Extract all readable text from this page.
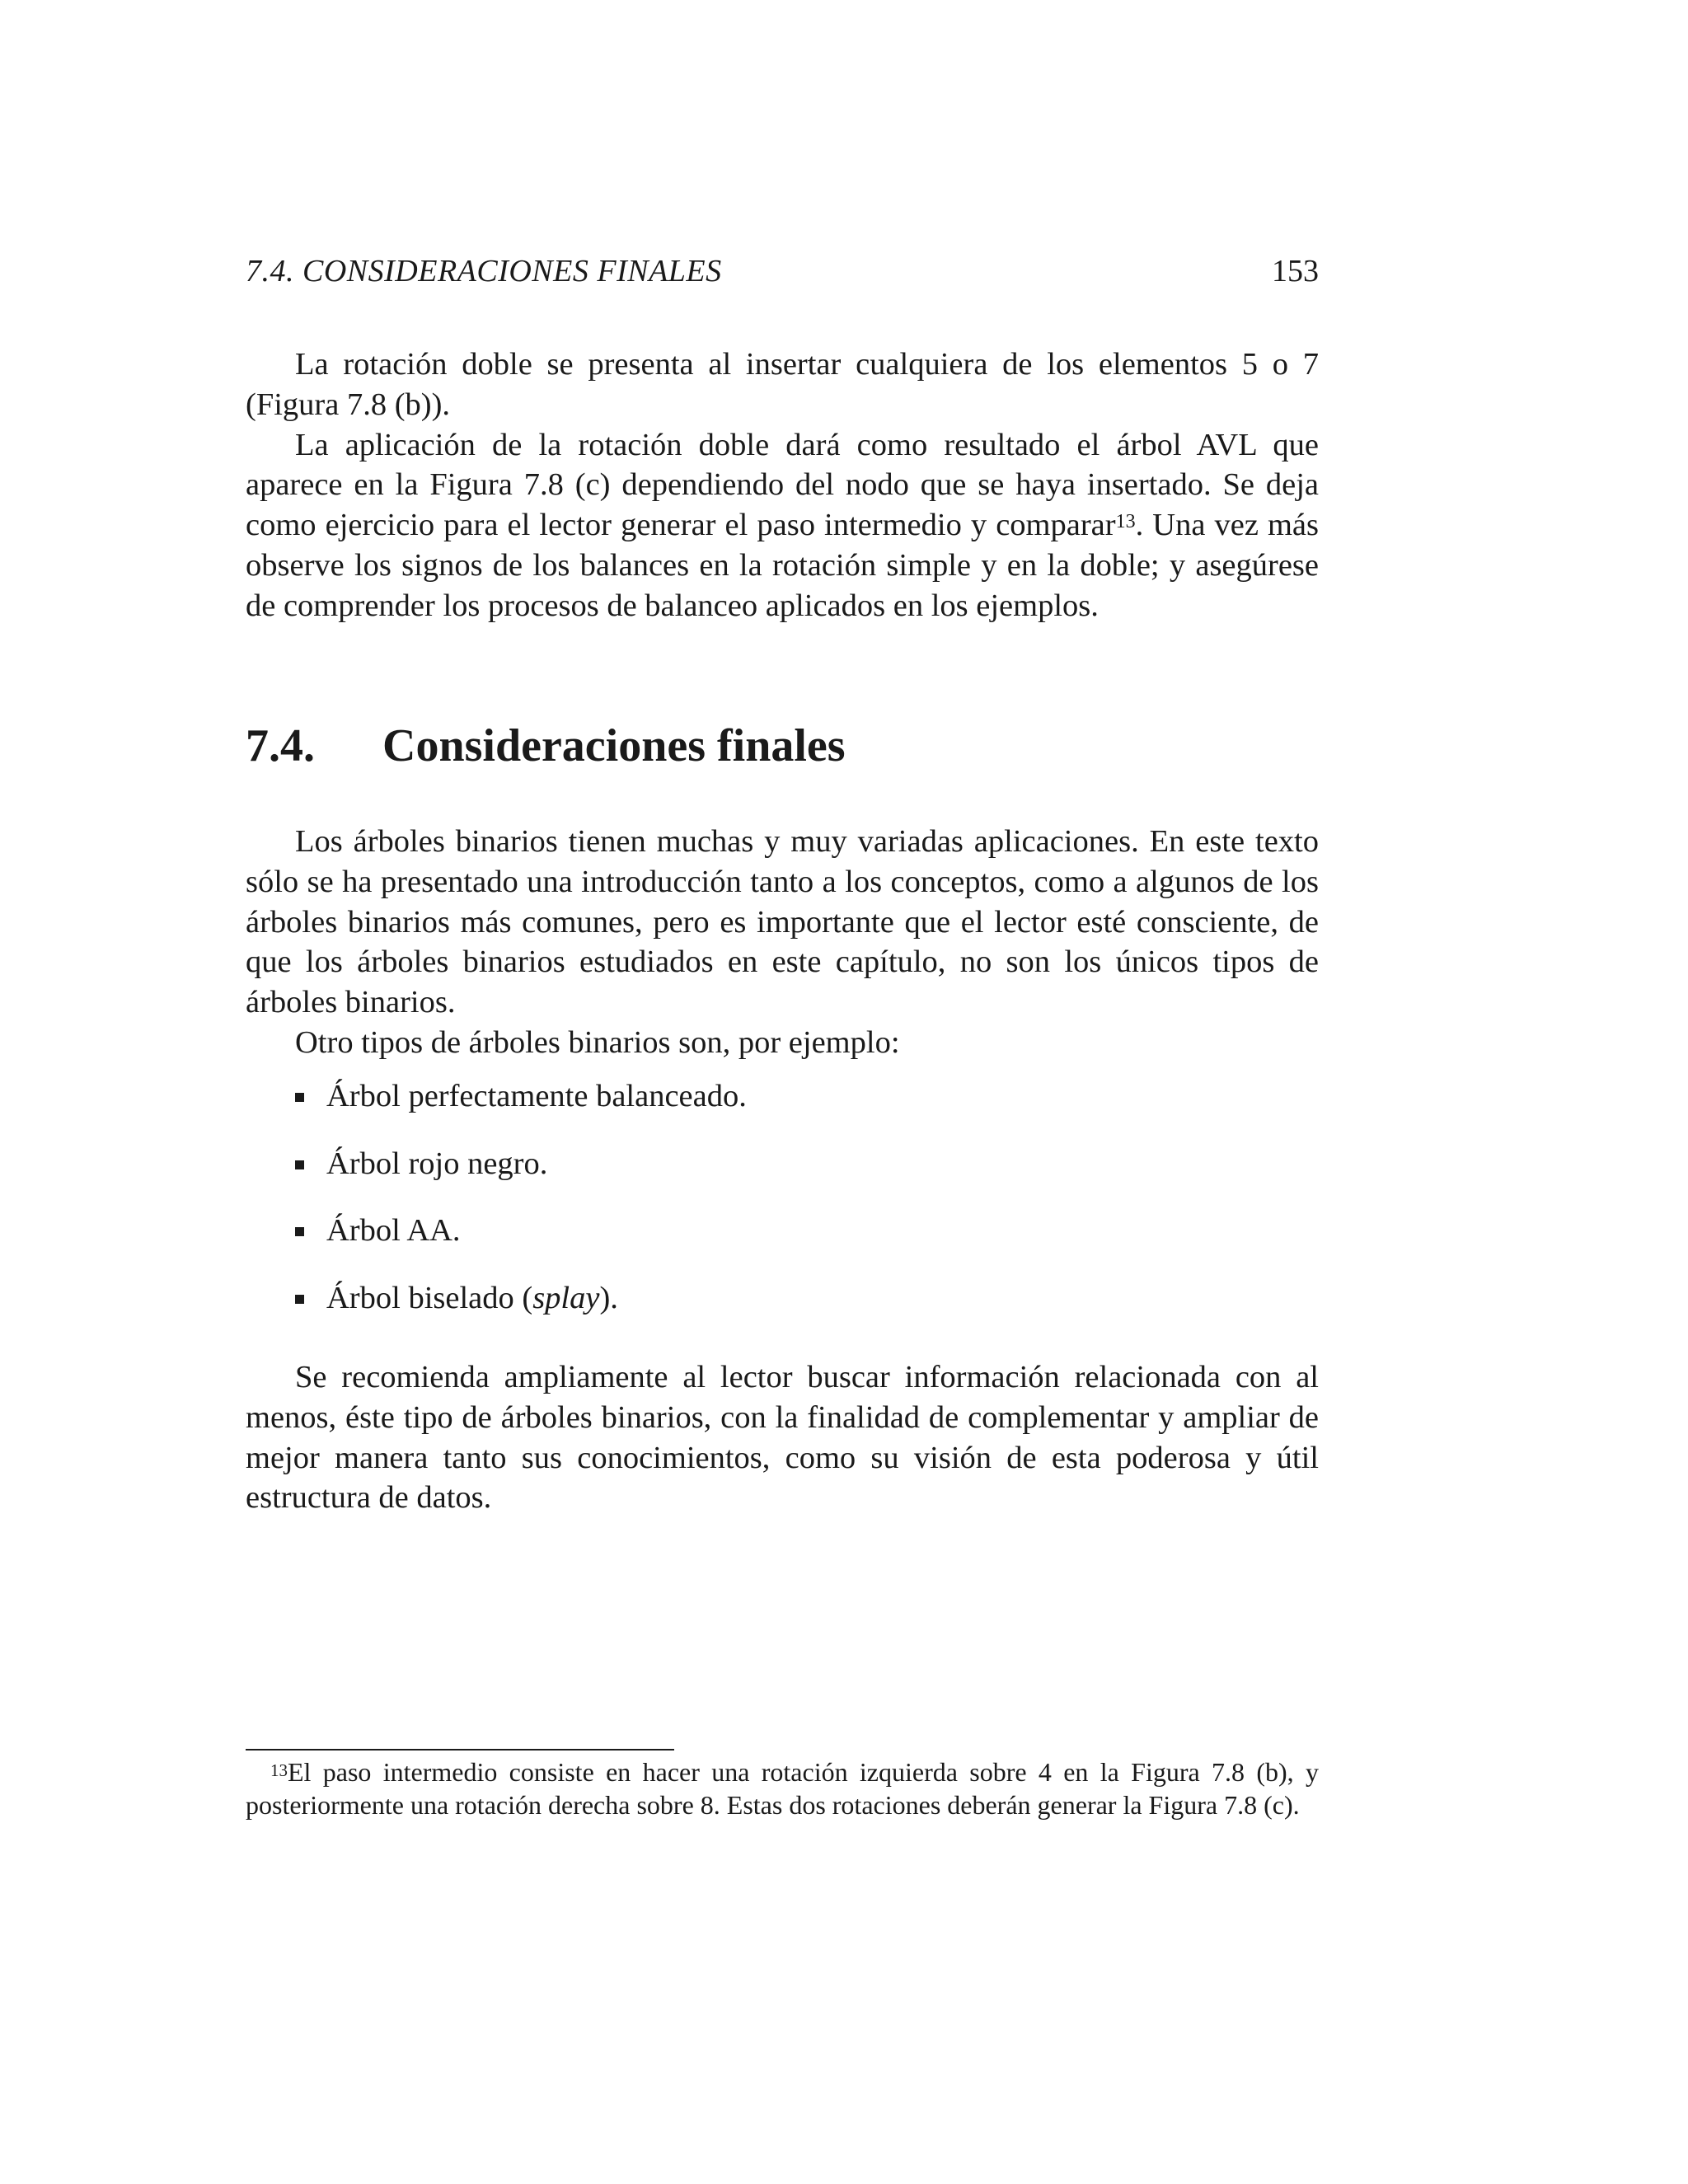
7.4. CONSIDERACIONES FINALES	153

La rotación doble se presenta al insertar cualquiera de los elementos 5 o 7 (Figura 7.8 (b)).

La aplicación de la rotación doble dará como resultado el árbol AVL que aparece en la Figura 7.8 (c) dependiendo del nodo que se haya insertado. Se deja como ejercicio para el lector generar el paso intermedio y comparar$^{13}$. Una vez más observe los signos de los balances en la rotación simple y en la doble; y asegúrese de comprender los procesos de balanceo aplicados en los ejemplos.

7.4. Consideraciones finales

Los árboles binarios tienen muchas y muy variadas aplicaciones. En este texto sólo se ha presentado una introducción tanto a los conceptos, como a algunos de los árboles binarios más comunes, pero es importante que el lector esté consciente, de que los árboles binarios estudiados en este capítulo, no son los únicos tipos de árboles binarios.

Otro tipos de árboles binarios son, por ejemplo:

Árbol perfectamente balanceado.
Árbol rojo negro.
Árbol AA.
Árbol biselado (splay).

Se recomienda ampliamente al lector buscar información relacionada con al menos, éste tipo de árboles binarios, con la finalidad de complementar y ampliar de mejor manera tanto sus conocimientos, como su visión de esta poderosa y útil estructura de datos.

$^{13}$El paso intermedio consiste en hacer una rotación izquierda sobre 4 en la Figura 7.8 (b), y posteriormente una rotación derecha sobre 8. Estas dos rotaciones deberán generar la Figura 7.8 (c).
